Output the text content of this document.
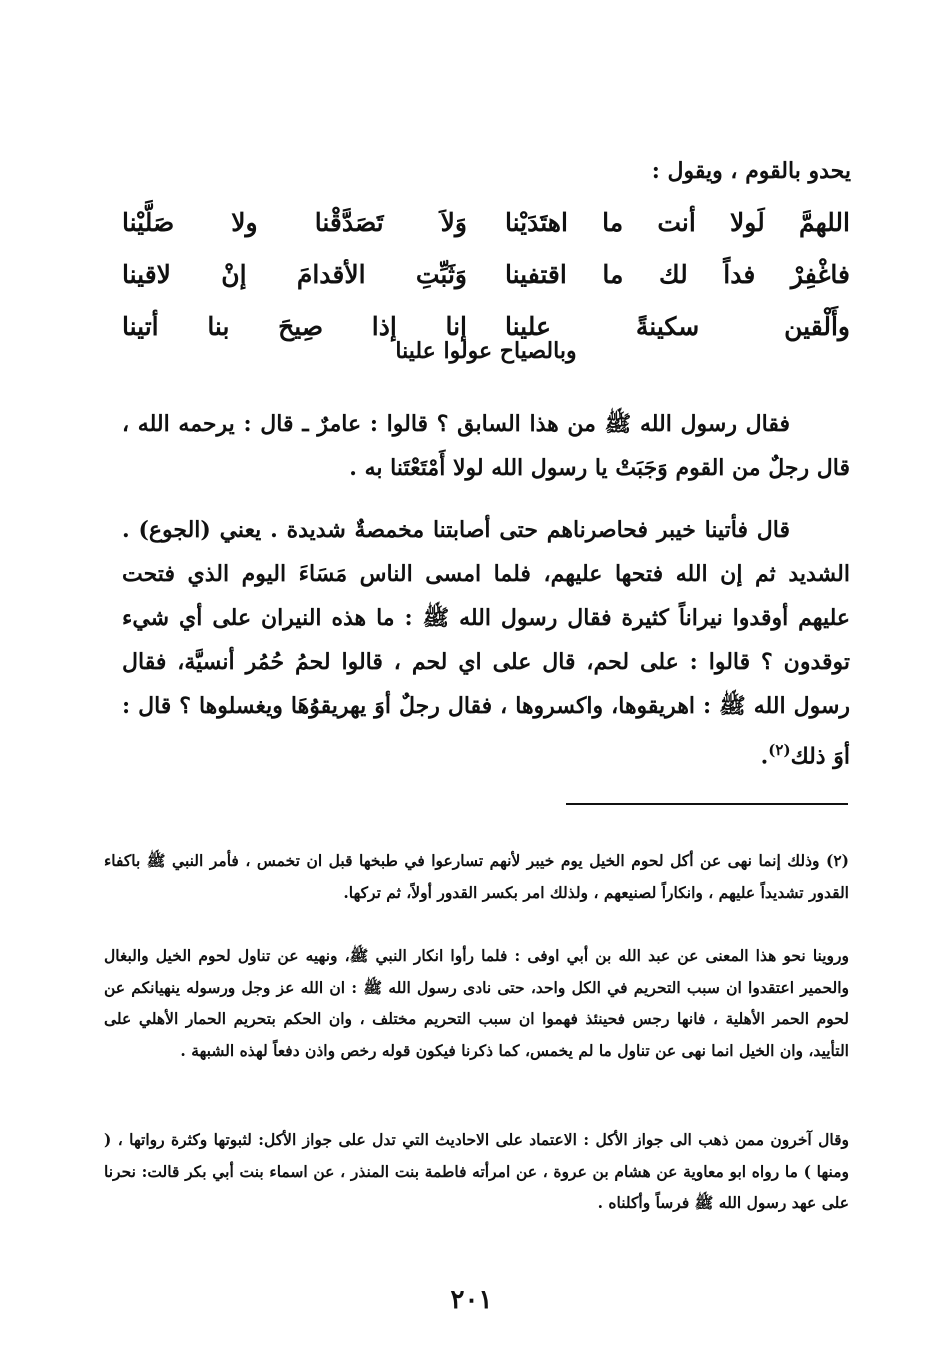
يحدو بالقوم ، ويقول :
اللهمَّ لَولا أنت ما اهتَدَيْنا
وَلاَ تَصَدَّقْنا ولا صَلَّيْنا
فاغْفِرْ فداً لك ما اقتفينا
وَثَبِّتِ الأقدامَ إنْ لاقينا
وأَلْقين سكينةً علينا
إنا إذا صِيحَ بنا أتينا
وبالصياح عولوا علينا

فقال رسول الله ﷺ من هذا السابق ؟ قالوا : عامرٌ ـ قال : يرحمه الله ، قال رجلٌ من القوم وَجَبَتْ يا رسول الله لولا أَمْتَعْتَنا به .

قال فأتينا خيبر فحاصرناهم حتى أصابتنا مخمصةٌ شديدة . يعني (الجوع) . الشديد ثم إن الله فتحها عليهم، فلما امسى الناس مَسَاءَ اليوم الذي فتحت عليهم أوقدوا نيراناً كثيرة فقال رسول الله ﷺ : ما هذه النيران على أي شيء توقدون ؟ قالوا : على لحم، قال على اي لحم ، قالوا لحمُ حُمُر أنسيَّة، فقال رسول الله ﷺ : اهريقوها، واكسروها ، فقال رجلٌ أوَ يهريقوُهَا ويغسلوها ؟ قال : أوَ ذلك$^{(٢)}$.

(٢) وذلك إنما نهى عن أكل لحوم الخيل يوم خيبر لأنهم تسارعوا في طبخها قبل ان تخمس ، فأمر النبي ﷺ باكفاء القدور تشديداً عليهم ، وانكاراً لصنيعهم ، ولذلك امر بكسر القدور أولاً، ثم تركها.

وروينا نحو هذا المعنى عن عبد الله بن أبي اوفى : فلما رأوا انكار النبي ﷺ، ونهيه عن تناول لحوم الخيل والبغال والحمير اعتقدوا ان سبب التحريم في الكل واحد، حتى نادى رسول الله ﷺ : ان الله عز وجل ورسوله ينهيانكم عن لحوم الحمر الأهلية ، فانها رجس فحينئذ فهموا ان سبب التحريم مختلف ، وان الحكم بتحريم الحمار الأهلي على التأييد، وان الخيل انما نهى عن تناول ما لم يخمس، كما ذكرنا فيكون قوله رخص واذن دفعاً لهذه الشبهة .

وقال آخرون ممن ذهب الى جواز الأكل : الاعتماد على الاحاديث التي تدل على جواز الأكل: لثبوتها وكثرة رواتها ، ( ومنها ) ما رواه ابو معاوية عن هشام بن عروة ، عن امرأته فاطمة بنت المنذر ، عن اسماء بنت أبي بكر قالت: نحرنا على عهد رسول الله ﷺ فرساً وأكلناه .

٢٠١
